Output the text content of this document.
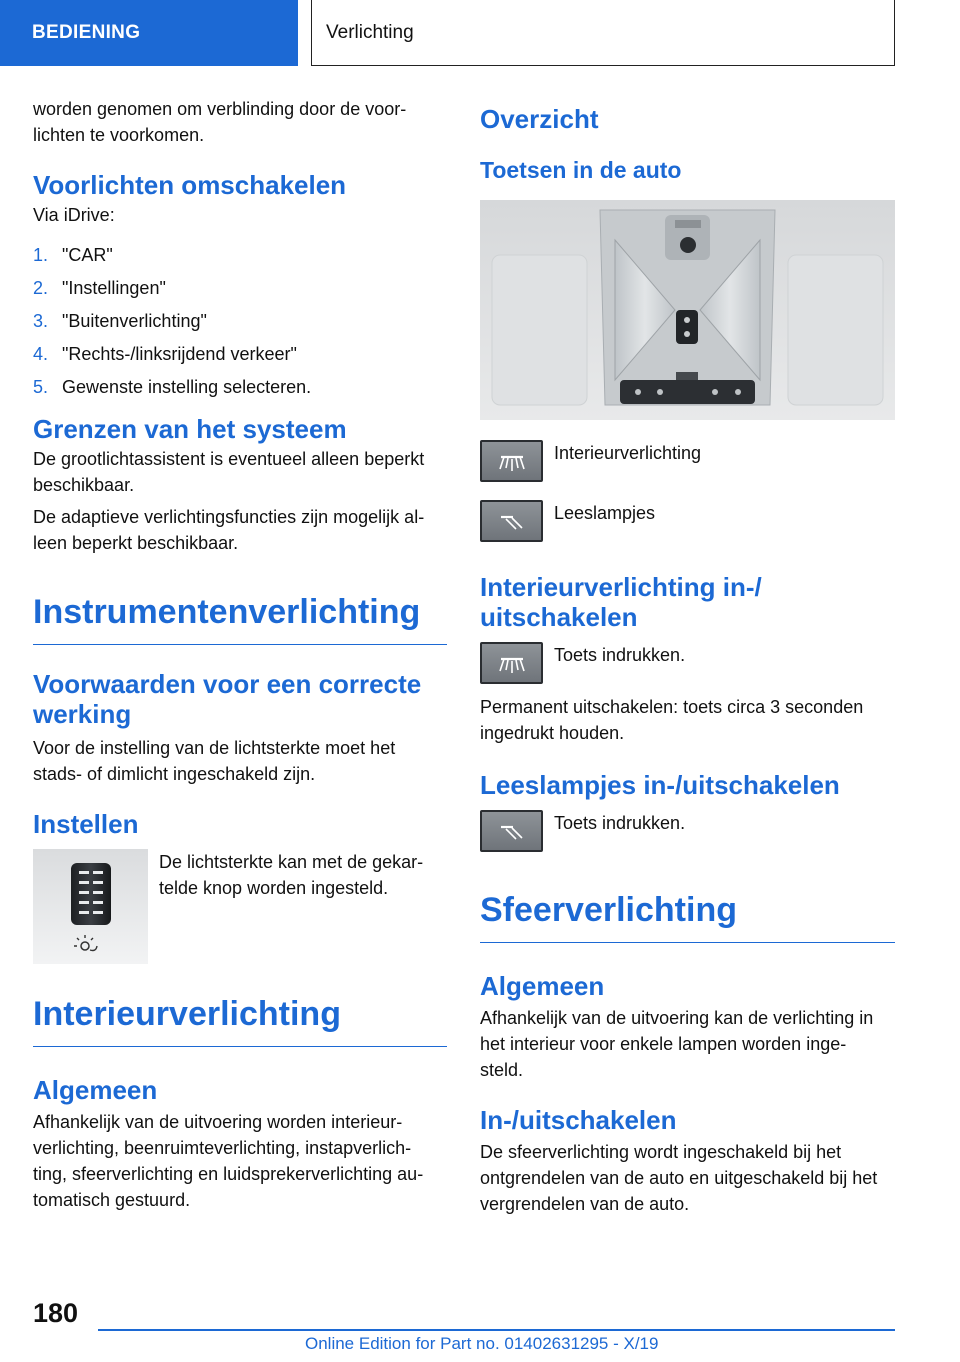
BEDIENING	Verlichting

worden genomen om verblinding door de voor-
lichten te voorkomen.

Voorlichten omschakelen

Via iDrive:

1. "CAR"
2. "Instellingen"
3. "Buitenverlichting"
4. "Rechts-/linksrijdend verkeer"
5. Gewenste instelling selecteren.
Grenzen van het systeem

De grootlichtassistent is eventueel alleen beperkt beschikbaar.

De adaptieve verlichtingsfuncties zijn mogelijk al-
leen beperkt beschikbaar.

Instrumentenverlichting
Voorwaarden voor een correcte werking

Voor de instelling van de lichtsterkte moet het stads- of dimlicht ingeschakeld zijn.

Instellen

De lichtsterkte kan met de gekar-
telde knop worden ingesteld.

Interieurverlichting
Algemeen

Afhankelijk van de uitvoering worden interieur-
verlichting, beenruimteverlichting, instapverlich-
ting, sfeerverlichting en luidsprekerverlichting au-
tomatisch gestuurd.

Overzicht
Toetsen in de auto

Interieurverlichting

Leeslampjes

Interieurverlichting in-/
uitschakelen

Toets indrukken.

Permanent uitschakelen: toets circa 3 seconden ingedrukt houden.

Leeslampjes in-/uitschakelen

Toets indrukken.

Sfeerverlichting
Algemeen

Afhankelijk van de uitvoering kan de verlichting in het interieur voor enkele lampen worden inge-
steld.

In-/uitschakelen

De sfeerverlichting wordt ingeschakeld bij het ontgrendelen van de auto en uitgeschakeld bij het vergrendelen van de auto.

180
Online Edition for Part no. 01402631295 - X/19
